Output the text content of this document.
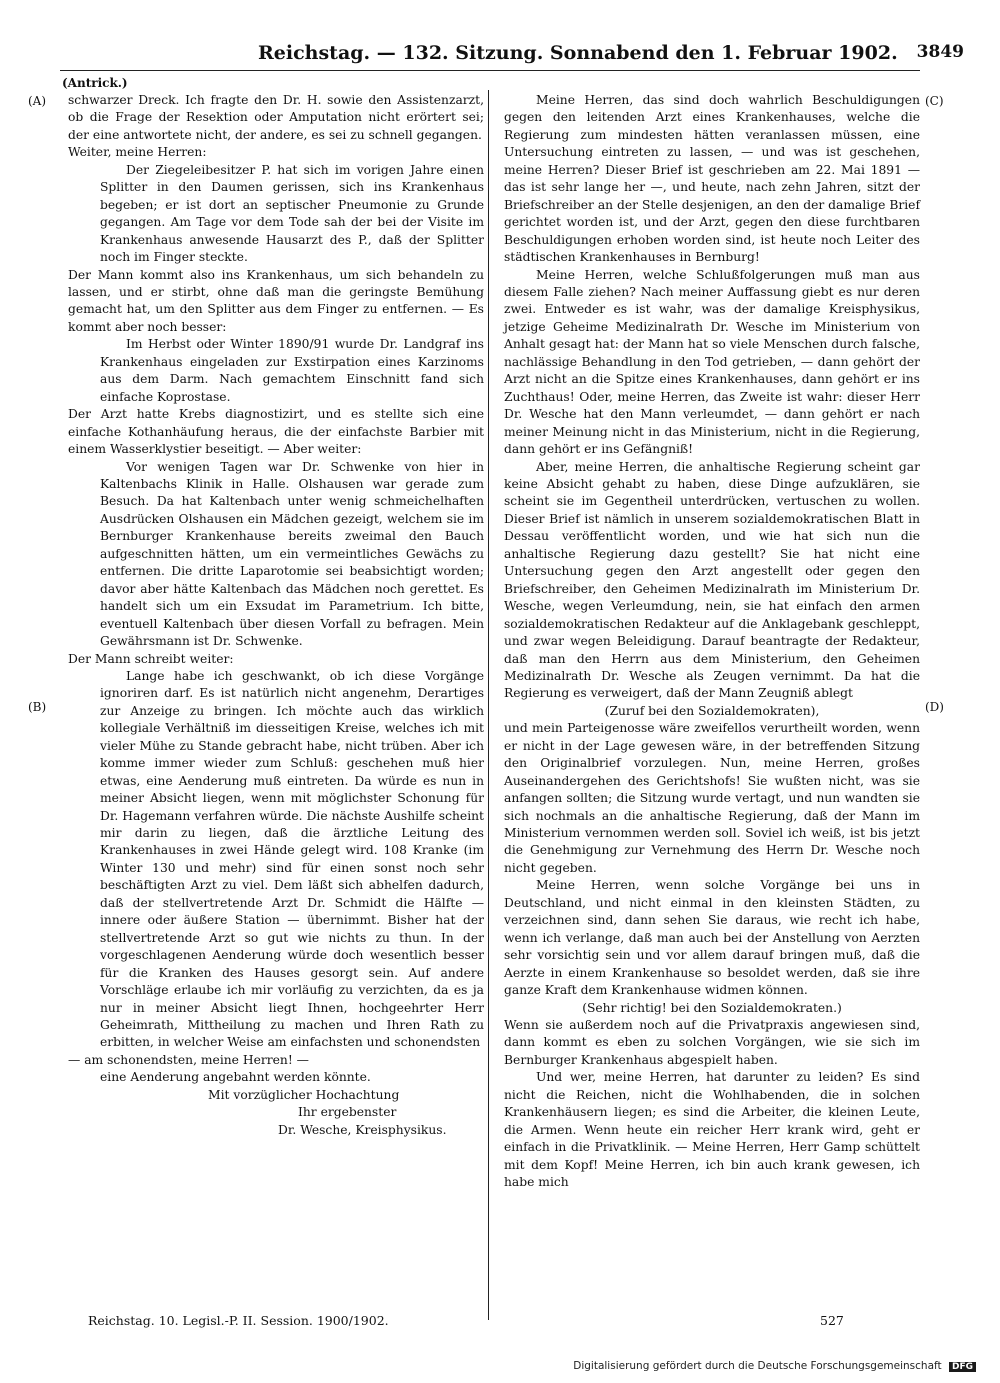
Reichstag. — 132. Sitzung. Sonnabend den 1. Februar 1902. 3849
(Antrick.)
(A)
(B)
(C)
(D)

schwarzer Dreck. Ich fragte den Dr. H. sowie den Assistenzarzt, ob die Frage der Resektion oder Amputation nicht erörtert sei; der eine antwortete nicht, der andere, es sei zu schnell gegangen.

Weiter, meine Herren:

Der Ziegeleibesitzer P. hat sich im vorigen Jahre einen Splitter in den Daumen gerissen, sich ins Krankenhaus begeben; er ist dort an septischer Pneumonie zu Grunde gegangen. Am Tage vor dem Tode sah der bei der Visite im Krankenhaus anwesende Hausarzt des P., daß der Splitter noch im Finger steckte.

Der Mann kommt also ins Krankenhaus, um sich behandeln zu lassen, und er stirbt, ohne daß man die geringste Bemühung gemacht hat, um den Splitter aus dem Finger zu entfernen. — Es kommt aber noch besser:

Im Herbst oder Winter 1890/91 wurde Dr. Landgraf ins Krankenhaus eingeladen zur Exstirpation eines Karzinoms aus dem Darm. Nach gemachtem Einschnitt fand sich einfache Koprostase.

Der Arzt hatte Krebs diagnostizirt, und es stellte sich eine einfache Kothanhäufung heraus, die der einfachste Barbier mit einem Wasserklystier beseitigt. — Aber weiter:

Vor wenigen Tagen war Dr. Schwenke von hier in Kaltenbachs Klinik in Halle. Olshausen war gerade zum Besuch. Da hat Kaltenbach unter wenig schmeichelhaften Ausdrücken Olshausen ein Mädchen gezeigt, welchem sie im Bernburger Krankenhause bereits zweimal den Bauch aufgeschnitten hätten, um ein vermeintliches Gewächs zu entfernen. Die dritte Laparotomie sei beabsichtigt worden; davor aber hätte Kaltenbach das Mädchen noch gerettet. Es handelt sich um ein Exsudat im Parametrium. Ich bitte, eventuell Kaltenbach über diesen Vorfall zu befragen. Mein Gewährsmann ist Dr. Schwenke.

Der Mann schreibt weiter:

Lange habe ich geschwankt, ob ich diese Vorgänge ignoriren darf. Es ist natürlich nicht angenehm, Derartiges zur Anzeige zu bringen. Ich möchte auch das wirklich kollegiale Verhältniß im diesseitigen Kreise, welches ich mit vieler Mühe zu Stande gebracht habe, nicht trüben. Aber ich komme immer wieder zum Schluß: geschehen muß hier etwas, eine Aenderung muß eintreten. Da würde es nun in meiner Absicht liegen, wenn mit möglichster Schonung für Dr. Hagemann verfahren würde. Die nächste Aushilfe scheint mir darin zu liegen, daß die ärztliche Leitung des Krankenhauses in zwei Hände gelegt wird. 108 Kranke (im Winter 130 und mehr) sind für einen sonst noch sehr beschäftigten Arzt zu viel. Dem läßt sich abhelfen dadurch, daß der stellvertretende Arzt Dr. Schmidt die Hälfte — innere oder äußere Station — übernimmt. Bisher hat der stellvertretende Arzt so gut wie nichts zu thun. In der vorgeschlagenen Aenderung würde doch wesentlich besser für die Kranken des Hauses gesorgt sein. Auf andere Vorschläge erlaube ich mir vorläufig zu verzichten, da es ja nur in meiner Absicht liegt Ihnen, hochgeehrter Herr Geheimrath, Mittheilung zu machen und Ihren Rath zu erbitten, in welcher Weise am einfachsten und schonendsten

— am schonendsten, meine Herren! —

eine Aenderung angebahnt werden könnte.

Mit vorzüglicher Hochachtung

Ihr ergebenster

Dr. Wesche, Kreisphysikus.

Meine Herren, das sind doch wahrlich Beschuldigungen gegen den leitenden Arzt eines Krankenhauses, welche die Regierung zum mindesten hätten veranlassen müssen, eine Untersuchung eintreten zu lassen, — und was ist geschehen, meine Herren? Dieser Brief ist geschrieben am 22. Mai 1891 — das ist sehr lange her —, und heute, nach zehn Jahren, sitzt der Briefschreiber an der Stelle desjenigen, an den der damalige Brief gerichtet worden ist, und der Arzt, gegen den diese furchtbaren Beschuldigungen erhoben worden sind, ist heute noch Leiter des städtischen Krankenhauses in Bernburg!

Meine Herren, welche Schlußfolgerungen muß man aus diesem Falle ziehen? Nach meiner Auffassung giebt es nur deren zwei. Entweder es ist wahr, was der damalige Kreisphysikus, jetzige Geheime Medizinalrath Dr. Wesche im Ministerium von Anhalt gesagt hat: der Mann hat so viele Menschen durch falsche, nachlässige Behandlung in den Tod getrieben, — dann gehört der Arzt nicht an die Spitze eines Krankenhauses, dann gehört er ins Zuchthaus! Oder, meine Herren, das Zweite ist wahr: dieser Herr Dr. Wesche hat den Mann verleumdet, — dann gehört er nach meiner Meinung nicht in das Ministerium, nicht in die Regierung, dann gehört er ins Gefängniß!

Aber, meine Herren, die anhaltische Regierung scheint gar keine Absicht gehabt zu haben, diese Dinge aufzuklären, sie scheint sie im Gegentheil unterdrücken, vertuschen zu wollen. Dieser Brief ist nämlich in unserem sozialdemokratischen Blatt in Dessau veröffentlicht worden, und wie hat sich nun die anhaltische Regierung dazu gestellt? Sie hat nicht eine Untersuchung gegen den Arzt angestellt oder gegen den Briefschreiber, den Geheimen Medizinalrath im Ministerium Dr. Wesche, wegen Verleumdung, nein, sie hat einfach den armen sozialdemokratischen Redakteur auf die Anklagebank geschleppt, und zwar wegen Beleidigung. Darauf beantragte der Redakteur, daß man den Herrn aus dem Ministerium, den Geheimen Medizinalrath Dr. Wesche als Zeugen vernimmt. Da hat die Regierung es verweigert, daß der Mann Zeugniß ablegt

(Zuruf bei den Sozialdemokraten),

und mein Parteigenosse wäre zweifellos verurtheilt worden, wenn er nicht in der Lage gewesen wäre, in der betreffenden Sitzung den Originalbrief vorzulegen. Nun, meine Herren, großes Auseinandergehen des Gerichtshofs! Sie wußten nicht, was sie anfangen sollten; die Sitzung wurde vertagt, und nun wandten sie sich nochmals an die anhaltische Regierung, daß der Mann im Ministerium vernommen werden soll. Soviel ich weiß, ist bis jetzt die Genehmigung zur Vernehmung des Herrn Dr. Wesche noch nicht gegeben.

Meine Herren, wenn solche Vorgänge bei uns in Deutschland, und nicht einmal in den kleinsten Städten, zu verzeichnen sind, dann sehen Sie daraus, wie recht ich habe, wenn ich verlange, daß man auch bei der Anstellung von Aerzten sehr vorsichtig sein und vor allem darauf bringen muß, daß die Aerzte in einem Krankenhause so besoldet werden, daß sie ihre ganze Kraft dem Krankenhause widmen können.

(Sehr richtig! bei den Sozialdemokraten.)

Wenn sie außerdem noch auf die Privatpraxis angewiesen sind, dann kommt es eben zu solchen Vorgängen, wie sie sich im Bernburger Krankenhaus abgespielt haben.

Und wer, meine Herren, hat darunter zu leiden? Es sind nicht die Reichen, nicht die Wohlhabenden, die in solchen Krankenhäusern liegen; es sind die Arbeiter, die kleinen Leute, die Armen. Wenn heute ein reicher Herr krank wird, geht er einfach in die Privatklinik. — Meine Herren, Herr Gamp schüttelt mit dem Kopf! Meine Herren, ich bin auch krank gewesen, ich habe mich

Reichstag. 10. Legisl.-P. II. Session. 1900/1902.	527
Digitalisierung gefördert durch die Deutsche Forschungsgemeinschaft DFG
